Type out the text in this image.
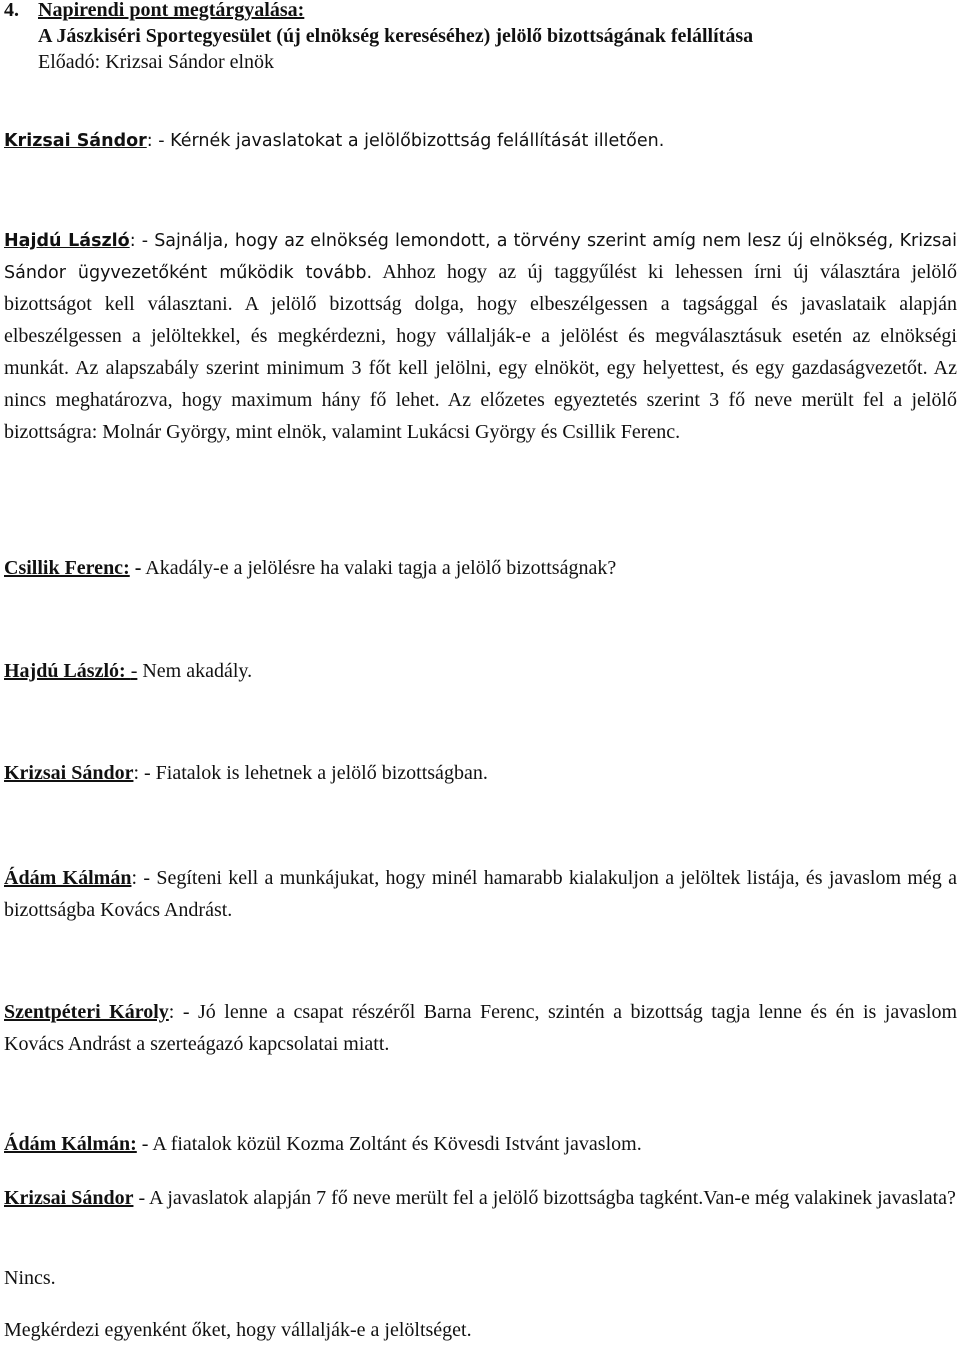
4. Napirendi pont megtárgyalása:
A Jászkiséri Sportegyesület (új elnökség kereséséhez) jelölő bizottságának felállítása
Előadó: Krizsai Sándor elnök

Krizsai Sándor: - Kérnék javaslatokat a jelölőbizottság felállítását illetően.

Hajdú László: - Sajnálja, hogy az elnökség lemondott, a törvény szerint amíg nem lesz új elnökség, Krizsai Sándor ügyvezetőként működik tovább. Ahhoz hogy az új taggyűlést ki lehessen írni új választára jelölő bizottságot kell választani. A jelölő bizottság dolga, hogy elbeszélgessen a tagsággal és javaslataik alapján elbeszélgessen a jelöltekkel, és megkérdezni, hogy vállalják-e a jelölést és megválasztásuk esetén az elnökségi munkát. Az alapszabály szerint minimum 3 főt kell jelölni, egy elnököt, egy helyettest, és egy gazdaságvezetőt. Az nincs meghatározva, hogy maximum hány fő lehet. Az előzetes egyeztetés szerint 3 fő neve merült fel a jelölő bizottságra: Molnár György, mint elnök, valamint Lukácsi György és Csillik Ferenc.

Csillik Ferenc: - Akadály-e a jelölésre ha valaki tagja a jelölő bizottságnak?

Hajdú László: - Nem akadály.

Krizsai Sándor: - Fiatalok is lehetnek a jelölő bizottságban.

Ádám Kálmán: - Segíteni kell a munkájukat, hogy minél hamarabb kialakuljon a jelöltek listája, és javaslom még a bizottságba Kovács Andrást.

Szentpéteri Károly: - Jó lenne a csapat részéről Barna Ferenc, szintén a bizottság tagja lenne és én is javaslom Kovács Andrást a szerteágazó kapcsolatai miatt.

Ádám Kálmán: - A fiatalok közül Kozma Zoltánt és Kövesdi Istvánt javaslom.

Krizsai Sándor - A javaslatok alapján 7 fő neve merült fel a jelölő bizottságba tagként.Van-e még valakinek javaslata?

Nincs.

Megkérdezi egyenként őket, hogy vállalják-e a jelöltséget.
